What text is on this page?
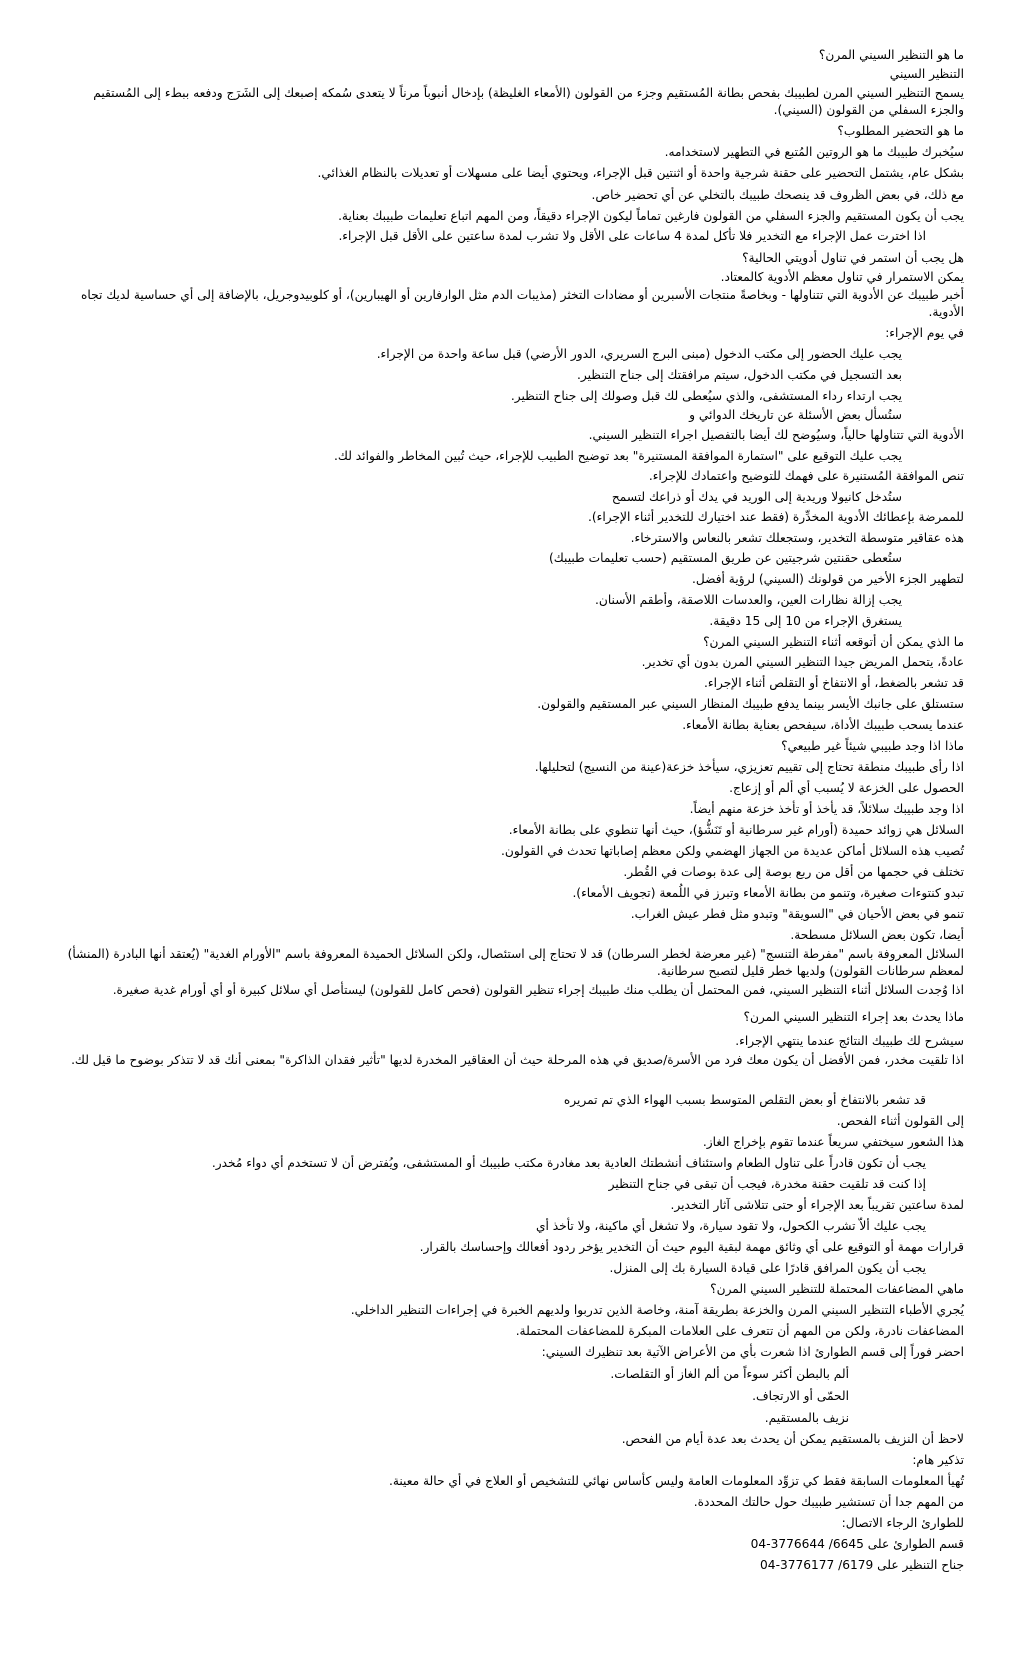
ما هو التنظير السيني المرن؟
التنظير السيني
يسمح التنظير السيني المرن لطبيبك بفحص بطانة المُستقيم وجزء من القولون (الأمعاء الغليظة) بإدخال أنبوباً مرناً لا يتعدى سُمكه إصبعك إلى الشَرَج ودفعه ببطء إلى المُستقيم والجزء السفلي من القولون (السيني).
ما هو التحضير المطلوب؟
سيُخبرك طبيبك ما هو الروتين المُتبع في التطهير لاستخدامه.
بشكل عام، يشتمل التحضير على حقنة شرجية واحدة أو اثنتين قبل الإجراء، ويحتوي أيضا على مسهلات أو تعديلات بالنظام الغذائي.
مع ذلك، في بعض الظروف قد ينصحك طبيبك بالتخلي عن أي تحضير خاص.
يجب أن يكون المستقيم والجزء السفلي من القولون فارغين تماماً ليكون الإجراء دقيقاً، ومن المهم اتباع تعليمات طبيبك بعناية.
اذا اخترت عمل الإجراء مع التخدير فلا تأكل لمدة 4 ساعات على الأقل ولا تشرب لمدة ساعتين على الأقل قبل الإجراء.
هل يجب أن استمر في تناول أدويتي الحالية؟
يمكن الاستمرار في تناول معظم الأدوية كالمعتاد.
أخبر طبيبك عن الأدوية التي تتناولها - وبخاصةً منتجات الأسبرين أو مضادات التخثر (مذيبات الدم مثل الوارفارين أو الهيبارين)، أو كلوبيدوجريل، بالإضافة إلى أي حساسية لديك تجاه الأدوية.
في يوم الإجراء:
يجب عليك الحضور إلى مكتب الدخول (مبنى البرج السريري، الدور الأرضي) قبل ساعة واحدة من الإجراء.
بعد التسجيل في مكتب الدخول، سيتم مرافقتك إلى جناح التنظير.
يجب ارتداء رداء المستشفى، والذي سيُعطى لك قبل وصولك إلى جناح التنظير.
ستُسأل بعض الأسئلة عن تاريخك الدوائي و
الأدوية التي تتناولها حالياً، وسيُوضح لك أيضا بالتفصيل اجراء التنظير السيني.
يجب عليك التوقيع على "استمارة الموافقة المستنيرة" بعد توضيح الطبيب للإجراء، حيث تُبين المخاطر والفوائد لك.
تنص الموافقة المُستنيرة على فهمك للتوضيح واعتمادك للإجراء.
ستُدخل كانيولا وريدية إلى الوريد في يدك أو ذراعك لتسمح
للممرضة بإعطائك الأدوية المخدِّرة (فقط عند اختيارك للتخدير أثناء الإجراء).
هذه عقاقير متوسطة التخدير، وستجعلك تشعر بالنعاس والاسترخاء.
ستُعطى حقنتين شرجيتين عن طريق المستقيم (حسب تعليمات طبيبك)
لتطهير الجزء الأخير من قولونك (السيني) لرؤية أفضل.
يجب إزالة نظارات العين، والعدسات اللاصقة، وأطقم الأسنان.
يستغرق الإجراء من 10 إلى 15 دقيقة.
ما الذي يمكن أن أتوقعه أثناء التنظير السيني المرن؟
عادةً، يتحمل المريض جيدا التنظير السيني المرن بدون أي تخدير.
قد تشعر بالضغط، أو الانتفاخ أو التقلص أثناء الإجراء.
ستستلق على جانبك الأيسر بينما يدفع طبيبك المنظار السيني عبر المستقيم والقولون.
عندما يسحب طبيبك الأداة، سيفحص بعناية بطانة الأمعاء.
ماذا اذا وجد طبيبي شيئاً غير طبيعي؟
اذا رأى طبيبك منطقة تحتاج إلى تقييم تعزيزي، سيأخذ خزعة(عينة من النسيج) لتحليلها.
الحصول على الخزعة لا يُسبب أي ألم أو إزعاج.
اذا وجد طبيبك سلائلاً، قد يأخذ أو تأخذ خزعة منهم أيضاً.
السلائل هي زوائد حميدة (أورام غير سرطانية أو تَنَشُّؤ)، حيث أنها تنطوي على بطانة الأمعاء.
تُصيب هذه السلائل أماكن عديدة من الجهاز الهضمي ولكن معظم إصاباتها تحدث في القولون.
تختلف في حجمها من أقل من ربع بوصة إلى عدة بوصات في القُطر.
تبدو كنتوءات صغيرة، وتنمو من بطانة الأمعاء وتبرز في اللُمعة (تجويف الأمعاء).
تنمو في بعض الأحيان في "السويقة" وتبدو مثل فطر عيش الغراب.
أيضا، تكون بعض السلائل مسطحة.
السلائل المعروفة باسم "مفرطة التنسج" (غير معرضة لخطر السرطان) قد لا تحتاج إلى استئصال، ولكن السلائل الحميدة المعروفة باسم "الأورام الغدية" (يُعتقد أنها البادرة (المنشأ) لمعظم سرطانات القولون) ولديها خطر قليل لتصبح سرطانية.
اذا وُجدت السلائل أثناء التنظير السيني، فمن المحتمل أن يطلب منك طبيبك إجراء تنظير القولون (فحص كامل للقولون) ليستأصل أي سلائل كبيرة أو أي أورام غدية صغيرة.
ماذا يحدث بعد إجراء التنظير السيني المرن؟
سيشرح لك طبيبك النتائج عندما ينتهي الإجراء.
اذا تلقيت مخدر، فمن الأفضل أن يكون معك فرد من الأسرة/صديق في هذه المرحلة حيث أن العقاقير المخدرة لديها "تأثير فقدان الذاكرة" بمعنى أنك قد لا تتذكر بوضوح ما قيل لك.
قد تشعر بالانتفاخ أو بعض التقلص المتوسط بسبب الهواء الذي تم تمريره
إلى القولون أثناء الفحص.
هذا الشعور سيختفي سريعاً عندما تقوم بإخراج الغاز.
يجب أن تكون قادراً على تناول الطعام واستئناف أنشطتك العادية بعد مغادرة مكتب طبيبك أو المستشفى، ويُفترض أن لا تستخدم أي دواء مُخدر.
إذا كنت قد تلقيت حقنة مخدرة، فيجب أن تبقى في جناح التنظير
لمدة ساعتين تقريباً بعد الإجراء أو حتى تتلاشى آثار التخدير.
يجب عليك ألاّ تشرب الكحول، ولا تقود سيارة، ولا تشغل أي ماكينة، ولا تأخذ أي
قرارات مهمة أو التوقيع على أي وثائق مهمة لبقية اليوم حيث أن التخدير يؤخر ردود أفعالك وإحساسك بالقرار.
يجب أن يكون المرافق قادرًا على قيادة السيارة بك إلى المنزل.
ماهي المضاعفات المحتملة للتنظير السيني المرن؟
يُجري الأطباء التنظير السيني المرن والخزعة بطريقة آمنة، وخاصة الذين تدربوا ولديهم الخبرة في إجراءات التنظير الداخلي.
المضاعفات نادرة، ولكن من المهم أن تتعرف على العلامات المبكرة للمضاعفات المحتملة.
احضر فوراً إلى قسم الطوارئ اذا شعرت بأي من الأعراض الآتية بعد تنظيرك السيني:
ألم بالبطن أكثر سوءاً من ألم الغاز أو التقلصات.
الحمّى أو الارتجاف.
نزيف بالمستقيم.
لاحظ أن النزيف بالمستقيم يمكن أن يحدث بعد عدة أيام من الفحص.
تذكير هام:
تُهيأ المعلومات السابقة فقط كي تزوِّد المعلومات العامة وليس كأساس نهائي للتشخيص أو العلاج في أي حالة معينة.
من المهم جدا أن تستشير طبيبك حول حالتك المحددة.
للطوارئ الرجاء الاتصال:
قسم الطوارئ على 6645/ 3776644-04
جناح التنظير على 6179/ 3776177-04
